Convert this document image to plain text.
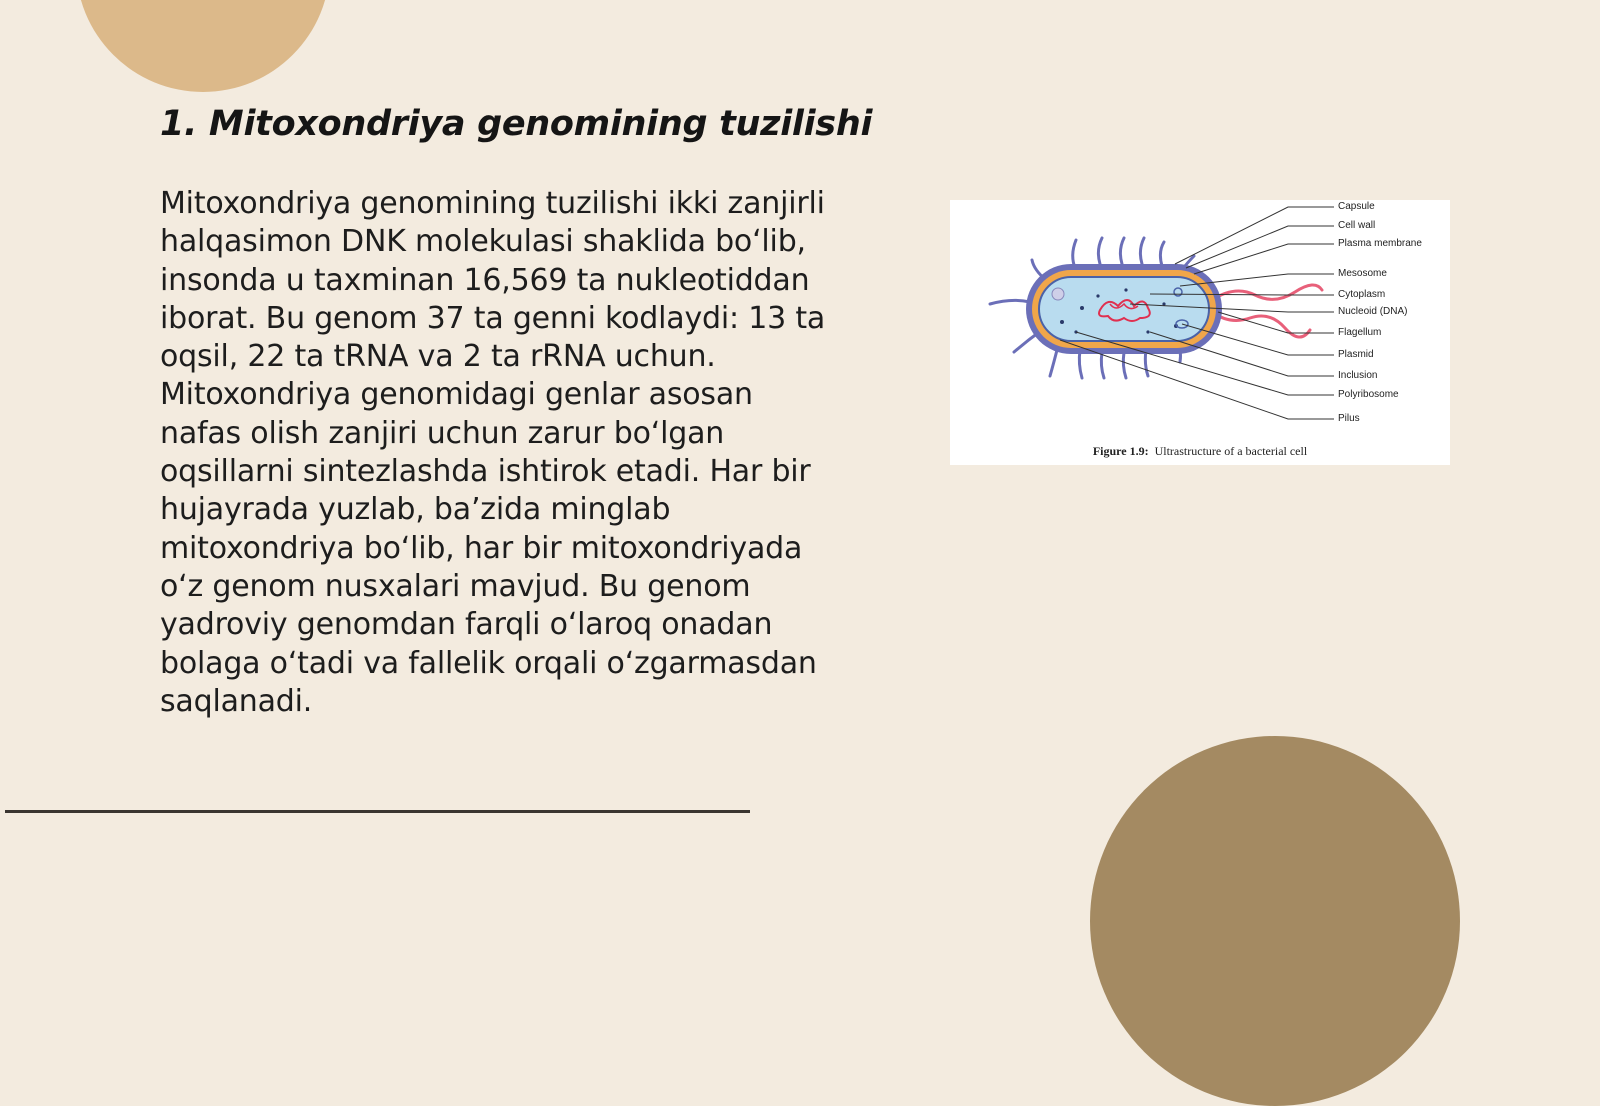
1. Mitoxondriya genomining tuzilishi

Mitoxondriya genomining tuzilishi ikki zanjirli
halqasimon DNK molekulasi shaklida bo‘lib,
insonda u taxminan 16,569 ta nukleotiddan
iborat. Bu genom 37 ta genni kodlaydi: 13 ta
oqsil, 22 ta tRNA va 2 ta rRNA uchun.
Mitoxondriya genomidagi genlar asosan
nafas olish zanjiri uchun zarur bo‘lgan
oqsillarni sintezlashda ishtirok etadi. Har bir
hujayrada yuzlab, ba’zida minglab
mitoxondriya bo‘lib, har bir mitoxondriyada
o‘z genom nusxalari mavjud. Bu genom
yadroviy genomdan farqli o‘laroq onadan
bolaga o‘tadi va fallelik orqali o‘zgarmasdan
saqlanadi.

Capsule
Cell wall
Plasma membrane
Mesosome
Cytoplasm
Nucleoid (DNA)
Flagellum
Plasmid
Inclusion
Polyribosome
Pilus
Figure 1.9: Ultrastructure of a bacterial cell
